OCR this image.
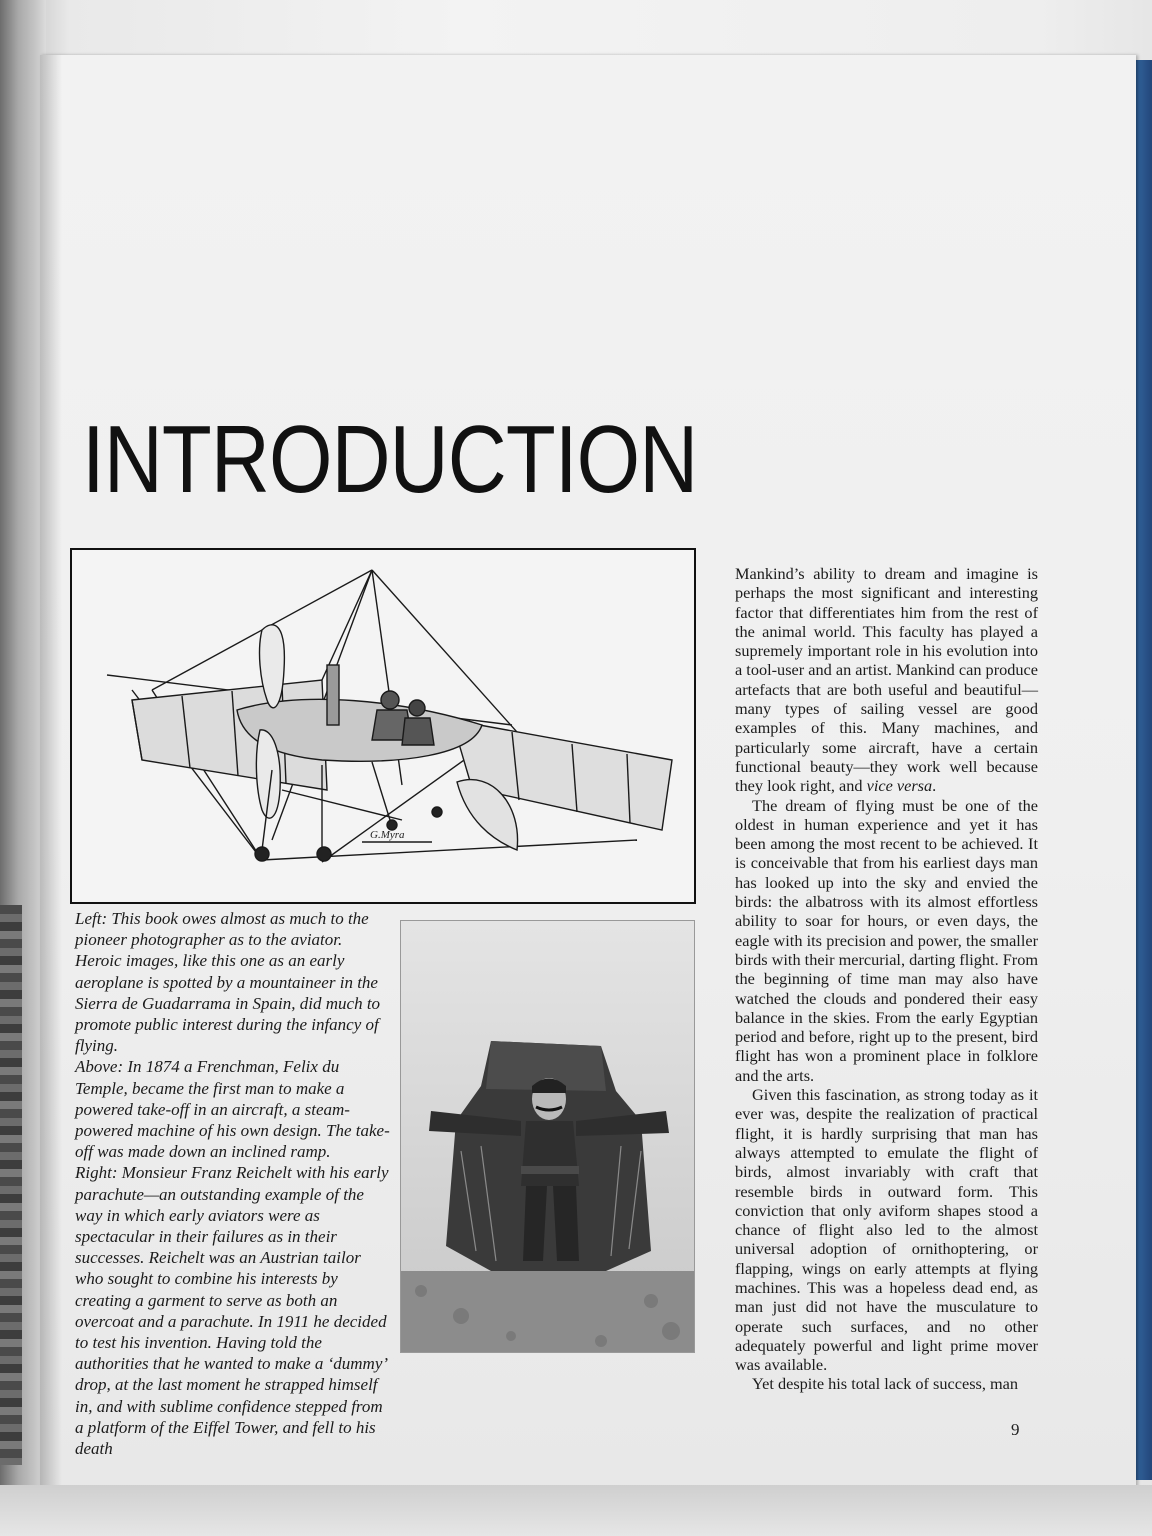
INTRODUCTION
G.Myra

Left: This book owes almost as much to the pioneer photographer as to the aviator. Heroic images, like this one as an early aeroplane is spotted by a mountaineer in the Sierra de Guadarrama in Spain, did much to promote public interest during the infancy of flying.

Above: In 1874 a Frenchman, Felix du Temple, became the first man to make a powered take-off in an aircraft, a steam-powered machine of his own design. The take-off was made down an inclined ramp.

Right: Monsieur Franz Reichelt with his early parachute—an outstanding example of the way in which early aviators were as spectacular in their failures as in their successes. Reichelt was an Austrian tailor who sought to combine his interests by creating a garment to serve as both an overcoat and a parachute. In 1911 he decided to test his invention. Having told the authorities that he wanted to make a ‘dummy’ drop, at the last moment he strapped himself in, and with sublime confidence stepped from a platform of the Eiffel Tower, and fell to his death

Mankind’s ability to dream and imagine is perhaps the most significant and interesting factor that differentiates him from the rest of the animal world. This faculty has played a supremely important role in his evolution into a tool-user and an artist. Mankind can produce artefacts that are both useful and beautiful—many types of sailing vessel are good examples of this. Many machines, and particularly some aircraft, have a certain functional beauty—they work well because they look right, and vice versa.

The dream of flying must be one of the oldest in human experience and yet it has been among the most recent to be achieved. It is conceivable that from his earliest days man has looked up into the sky and envied the birds: the albatross with its almost effortless ability to soar for hours, or even days, the eagle with its precision and power, the smaller birds with their mercurial, darting flight. From the beginning of time man may also have watched the clouds and pondered their easy balance in the skies. From the early Egyptian period and before, right up to the present, bird flight has won a prominent place in folklore and the arts.

Given this fascination, as strong today as it ever was, despite the realization of practical flight, it is hardly surprising that man has always attempted to emulate the flight of birds, almost invariably with craft that resemble birds in outward form. This conviction that only aviform shapes stood a chance of flight also led to the almost universal adoption of ornithoptering, or flapping, wings on early attempts at flying machines. This was a hopeless dead end, as man just did not have the musculature to operate such surfaces, and no other adequately powerful and light prime mover was available.

Yet despite his total lack of success, man

9
